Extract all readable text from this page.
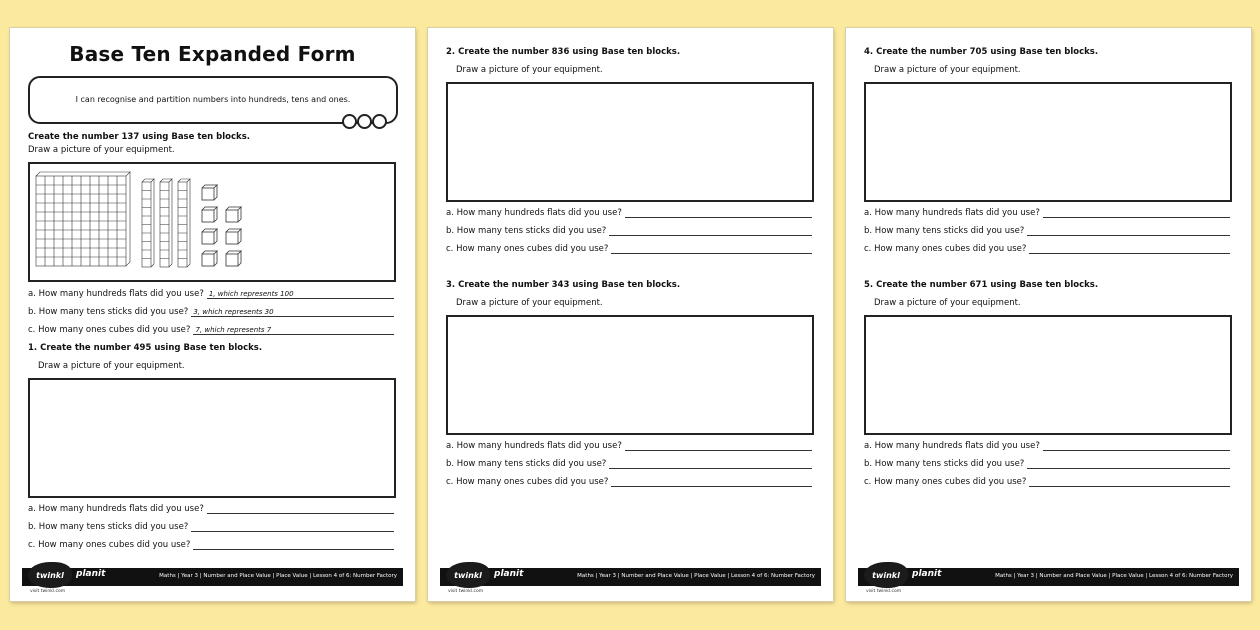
Base Ten Expanded Form
I can recognise and partition numbers into hundreds, tens and ones.
Create the number 137 using Base ten blocks.
Draw a picture of your equipment.
a. How many hundreds flats did you use? 1, which represents 100
b. How many tens sticks did you use? 3, which represents 30
c. How many ones cubes did you use? 7, which represents 7
1. Create the number 495 using Base ten blocks.
Draw a picture of your equipment.
a. How many hundreds flats did you use?
b. How many tens sticks did you use?
c. How many ones cubes did you use?
twinkl	planit
visit twinkl.com
Maths | Year 3 | Number and Place Value | Place Value | Lesson 4 of 6: Number Factory
2. Create the number 836 using Base ten blocks.
Draw a picture of your equipment.
a. How many hundreds flats did you use?
b. How many tens sticks did you use?
c. How many ones cubes did you use?
3. Create the number 343 using Base ten blocks.
Draw a picture of your equipment.
a. How many hundreds flats did you use?
b. How many tens sticks did you use?
c. How many ones cubes did you use?
twinkl	planit
visit twinkl.com
Maths | Year 3 | Number and Place Value | Place Value | Lesson 4 of 6: Number Factory
4. Create the number 705 using Base ten blocks.
Draw a picture of your equipment.
a. How many hundreds flats did you use?
b. How many tens sticks did you use?
c. How many ones cubes did you use?
5. Create the number 671 using Base ten blocks.
Draw a picture of your equipment.
a. How many hundreds flats did you use?
b. How many tens sticks did you use?
c. How many ones cubes did you use?
twinkl	planit
visit twinkl.com
Maths | Year 3 | Number and Place Value | Place Value | Lesson 4 of 6: Number Factory
